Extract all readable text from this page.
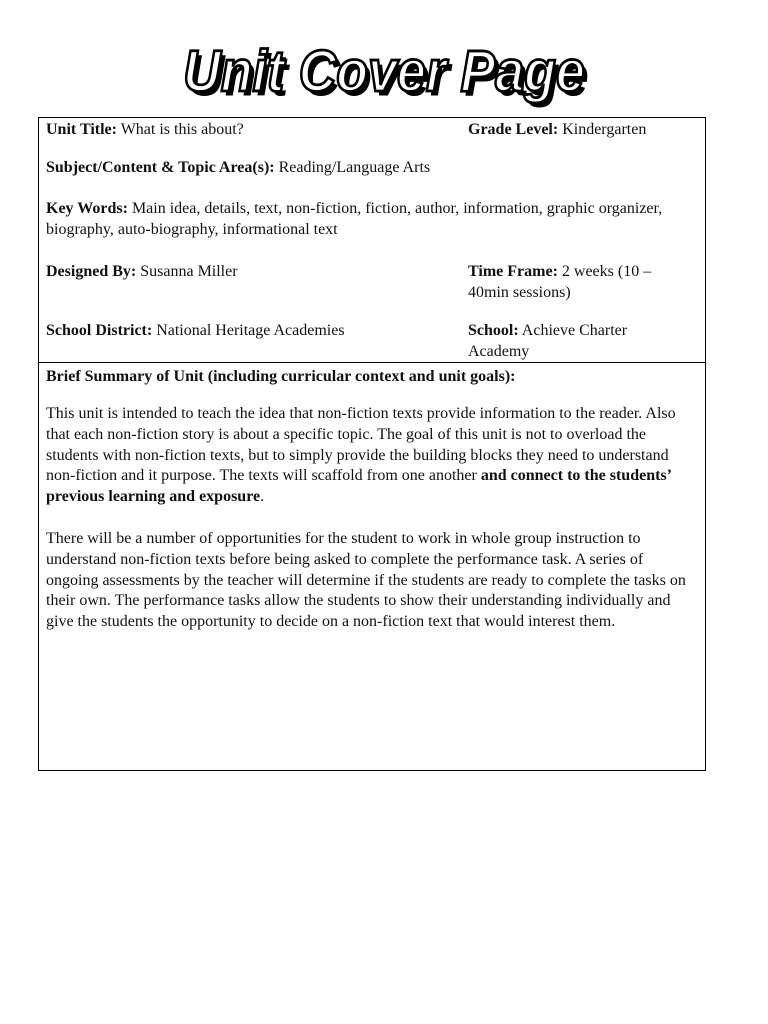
Unit Cover Page
Unit Title: What is this about?	Grade Level: Kindergarten
Subject/Content & Topic Area(s): Reading/Language Arts
Key Words: Main idea, details, text, non-fiction, fiction, author, information, graphic organizer, biography, auto-biography, informational text
Designed By: Susanna Miller	Time Frame: 2 weeks (10 – 40min sessions)
School District: National Heritage Academies	School: Achieve Charter Academy
Brief Summary of Unit (including curricular context and unit goals):

This unit is intended to teach the idea that non-fiction texts provide information to the reader. Also that each non-fiction story is about a specific topic. The goal of this unit is not to overload the students with non-fiction texts, but to simply provide the building blocks they need to understand non-fiction and it purpose. The texts will scaffold from one another and connect to the students’ previous learning and exposure.

There will be a number of opportunities for the student to work in whole group instruction to understand non-fiction texts before being asked to complete the performance task. A series of ongoing assessments by the teacher will determine if the students are ready to complete the tasks on their own. The performance tasks allow the students to show their understanding individually and give the students the opportunity to decide on a non-fiction text that would interest them.
